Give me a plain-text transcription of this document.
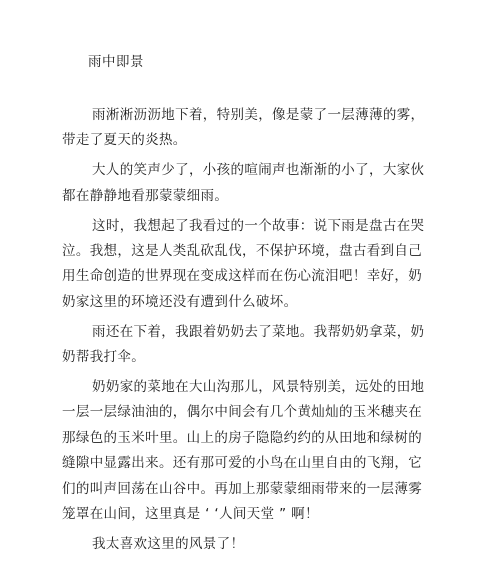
雨中即景

雨淅淅沥沥地下着，特别美，像是蒙了一层薄薄的雾，
带走了夏天的炎热。

大人的笑声少了，小孩的喧闹声也渐渐的小了，大家伙
都在静静地看那蒙蒙细雨。

这时，我想起了我看过的一个故事：说下雨是盘古在哭
泣。我想，这是人类乱砍乱伐，不保护环境，盘古看到自己
用生命创造的世界现在变成这样而在伤心流泪吧！幸好，奶
奶家这里的环境还没有遭到什么破坏。

雨还在下着，我跟着奶奶去了菜地。我帮奶奶拿菜，奶
奶帮我打伞。

奶奶家的菜地在大山沟那儿，风景特别美，远处的田地
一层一层绿油油的，偶尔中间会有几个黄灿灿的玉米穗夹在
那绿色的玉米叶里。山上的房子隐隐约约的从田地和绿树的
缝隙中显露出来。还有那可爱的小鸟在山里自由的飞翔，它
们的叫声回荡在山谷中。再加上那蒙蒙细雨带来的一层薄雾
笼罩在山间，这里真是 ‘ ‘人间天堂 ” 啊！

我太喜欢这里的风景了！
